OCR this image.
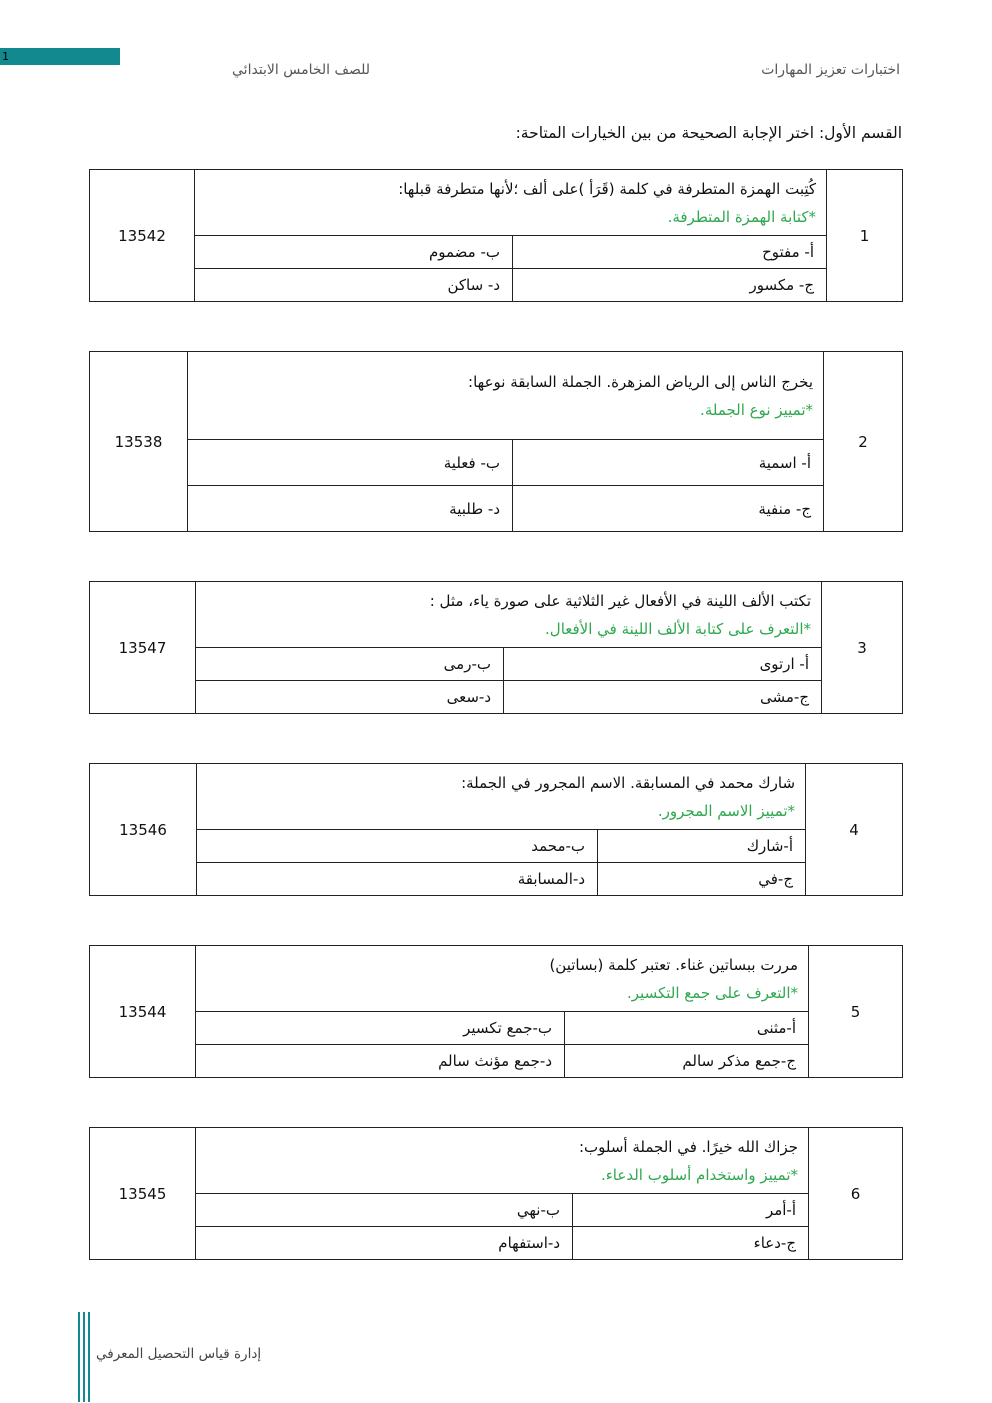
1
اختبارات تعزيز المهارات
للصف الخامس الابتدائي
القسم الأول: اختر الإجابة الصحيحة من بين الخيارات المتاحة:
1	كُتِبت الهمزة المتطرفة في كلمة (قَرَأ )على ألف ؛لأنها متطرفة قبلها:
*كتابة الهمزة المتطرفة.		13542
	أ- مفتوح	ب- مضموم	
	ج- مكسور	د- ساكن	
2	يخرج الناس إلى الرياض المزهرة. الجملة السابقة نوعها:
*تمييز نوع الجملة.		13538
	أ- اسمية	ب- فعلية	
	ج- منفية	د- طلبية	
3	تكتب الألف اللينة في الأفعال غير الثلاثية على صورة ياء، مثل :
*التعرف على كتابة الألف اللينة في الأفعال.		13547
	أ- ارتوى	ب-رمى	
	ج-مشى	د-سعى	
4	شارك محمد في المسابقة. الاسم المجرور في الجملة:
*تمييز الاسم المجرور.		13546
	أ-شارك	ب-محمد	
	ج-في	د-المسابقة	
5	مررت ببساتين غناء. تعتبر كلمة (بساتين)
*التعرف على جمع التكسير.		13544
	أ-مثنى	ب-جمع تكسير	
	ج-جمع مذكر سالم	د-جمع مؤنث سالم	
6	جزاك الله خيرًا. في الجملة أسلوب:
*تمييز واستخدام أسلوب الدعاء.		13545
	أ-أمر	ب-نهي	
	ج-دعاء	د-استفهام	
إدارة قياس التحصيل المعرفي
